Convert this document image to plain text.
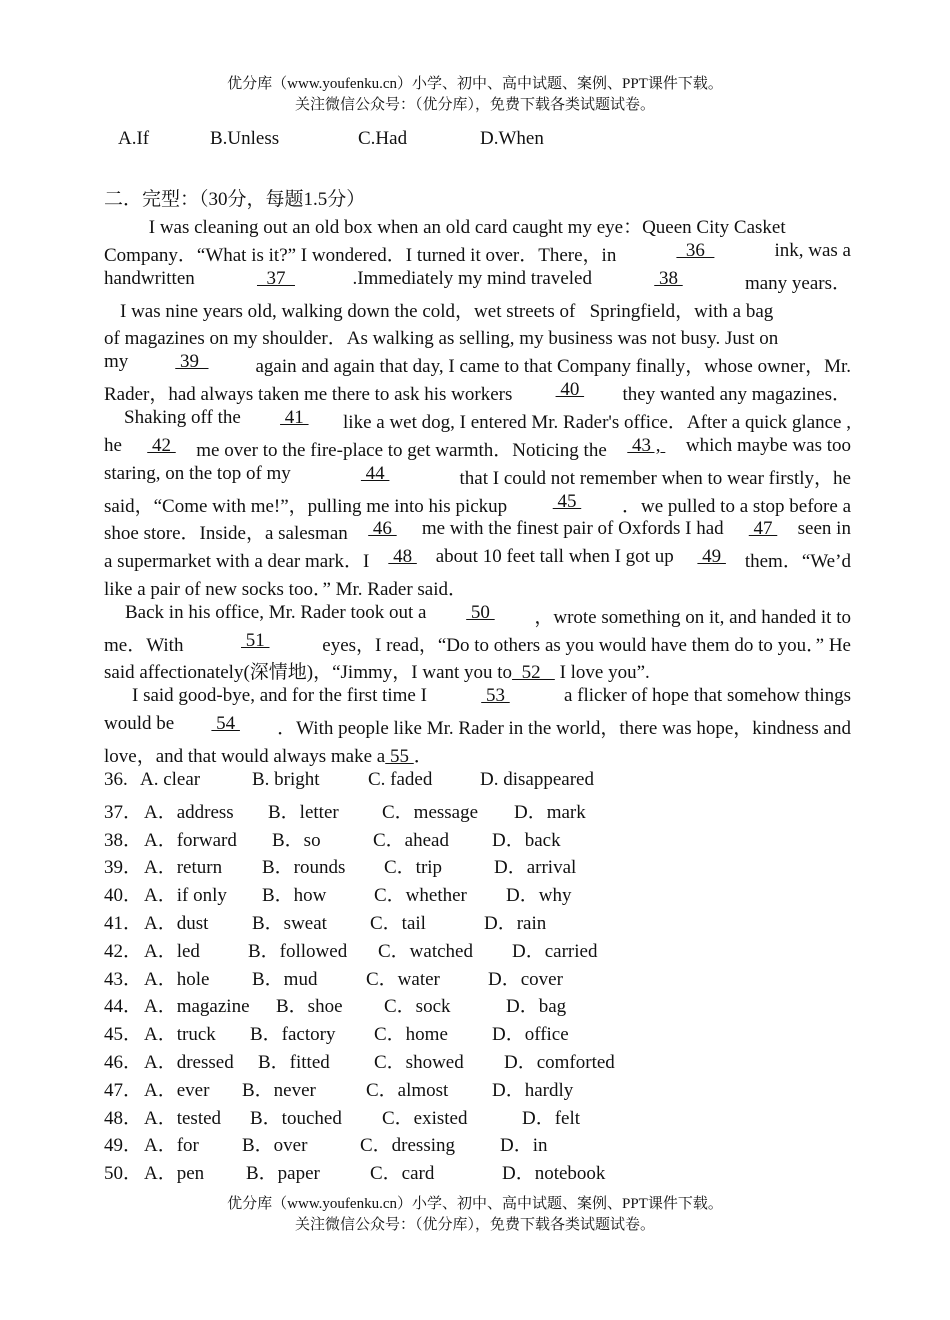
优分库（www.youfenku.cn）小学、初中、高中试题、案例、PPT课件下载。
关注微信公众号：（优分库），免费下载各类试题试卷。
A.If	B.Unless	C.Had	D.When
二．完型：（30分，每题1.5分）
I was cleaning out an old box when an old card caught my eye：Queen City Casket
Company．“What is it?” I wondered．I turned it over．There，in	36	ink, was a
handwritten	37	.Immediately my mind traveled	38	many years．
I was nine years old, walking down the cold，wet streets of   Springfield，with a bag
of magazines on my shoulder．As walking as selling, my business was not busy. Just on
my 39 again and again that day, I came to that Company finally，whose owner，Mr.
Rader，had always taken me there to ask his workers 40 they wanted any magazines．
Shaking off the 41 like a wet dog, I entered Mr. Rader's office．After a quick glance ,
he 42 me over to the fire-place to get warmth．Noticing the 43 , which maybe was too
staring, on the top of my	44	that I could not remember when to wear firstly，he
said，“Come with me!”，pulling me into his pickup 45 ．we pulled to a stop before a
shoe store．Inside，a salesman 46 me with the finest pair of Oxfords I had 47 seen in
a supermarket with a dear mark．I 48 about 10 feet tall when I got up 49 them．“We’d
like a pair of new socks too．” Mr. Rader said．
Back in his office, Mr. Rader took out a 50 ，wrote something on it, and handed it to
me．With	51	eyes，I read，“Do to others as you would have them do to you．” He
said affectionately(深情地)，“Jimmy，I want you to  52    I love you”.
I said good-bye, and for the first time I	53	a flicker of hope that somehow things
would be 54 ．With people like Mr. Rader in the world，there was hope，kindness and
love，and that would always make a 55 ．
36. A. clear	B. bright	C. faded	D. disappeared
37． A．address B．letter C．message D．mark
38． A．forward B．so	C．ahead D．back
39． A．return B．rounds C．trip	D．arrival
40． A．if only B．how	C．whether D．why
41． A．dust B．sweat C．tail	D．rain
42． A．led	B．followed C．watched D．carried
43． A．hole B．mud	C．water	D．cover
44． A．magazine B．shoe C．sock	D．bag
45． A．truck B．factory C．home D．office
46． A．dressed B．fitted C．showed D．comforted
47． A．ever B．never	C．almost D．hardly
48． A．tested B．touched C．existed	D．felt
49． A．for B．over	C．dressing D．in
50． A．pen B．paper	C．card	D．notebook
优分库（www.youfenku.cn）小学、初中、高中试题、案例、PPT课件下载。
关注微信公众号：（优分库），免费下载各类试题试卷。
